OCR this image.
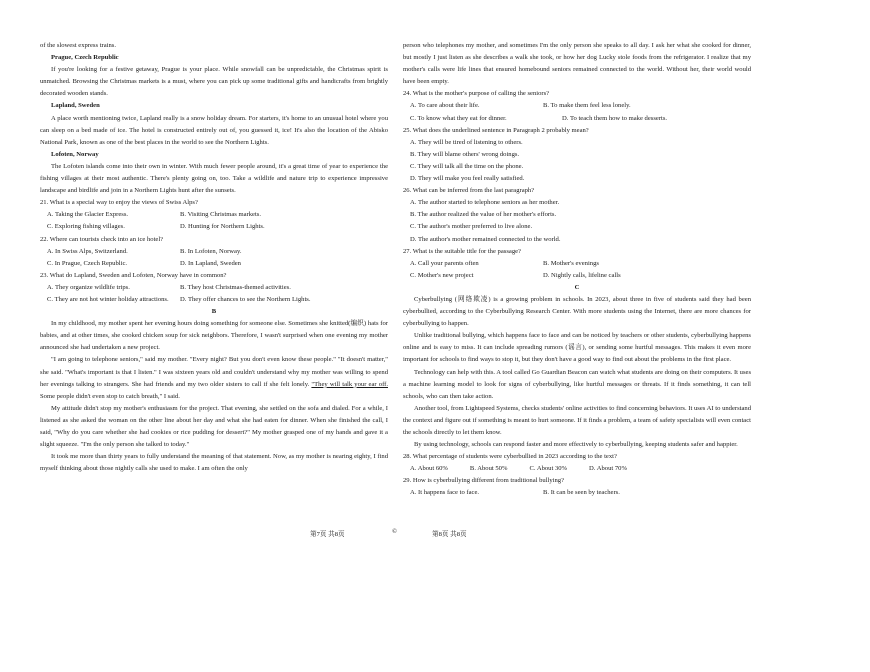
of the slowest express trains.

Prague, Czech Republic

If you're looking for a festive getaway, Prague is your place. While snowfall can be unpredictable, the Christmas spirit is unmatched. Browsing the Christmas markets is a must, where you can pick up some traditional gifts and handicrafts from brightly decorated wooden stands.

Lapland, Sweden

A place worth mentioning twice, Lapland really is a snow holiday dream. For starters, it's home to an unusual hotel where you can sleep on a bed made of ice. The hotel is constructed entirely out of, you guessed it, ice! It's also the location of the Abisko National Park, known as one of the best places in the world to see the Northern Lights.

Lofoten, Norway

The Lofoten islands come into their own in winter. With much fewer people around, it's a great time of year to experience the fishing villages at their most authentic. There's plenty going on, too. Take a wildlife and nature trip to experience impressive landscape and birdlife and join in a Northern Lights hunt after the sunsets.

21. What is a special way to enjoy the views of Swiss Alps?

A. Taking the Glacier Express.	B. Visiting Christmas markets.
C. Exploring fishing villages.	D. Hunting for Northern Lights.

22. Where can tourists check into an ice hotel?

A. In Swiss Alps, Switzerland.	B. In Lofoten, Norway.
C. In Prague, Czech Republic.	D. In Lapland, Sweden

23. What do Lapland, Sweden and Lofoten, Norway have in common?

A. They organize wildlife trips.	B. They host Christmas-themed activities.
C. They are not hot winter holiday attractions.	D. They offer chances to see the Northern Lights.

B

In my childhood, my mother spent her evening hours doing something for someone else. Sometimes she knitted(编织) hats for babies, and at other times, she cooked chicken soup for sick neighbors. Therefore, I wasn't surprised when one evening my mother announced she had undertaken a new project.

"I am going to telephone seniors," said my mother. "Every night? But you don't even know these people." "It doesn't matter," she said. "What's important is that I listen." I was sixteen years old and couldn't understand why my mother was willing to spend her evenings talking to strangers. She had friends and my two older sisters to call if she felt lonely. "They will talk your ear off. Some people didn't even stop to catch breath," I said.

My attitude didn't stop my mother's enthusiasm for the project. That evening, she settled on the sofa and dialed. For a while, I listened as she asked the woman on the other line about her day and what she had eaten for dinner. When she finished the call, I said, "Why do you care whether she had cookies or rice pudding for dessert?" My mother grasped one of my hands and gave it a slight squeeze. "I'm the only person she talked to today."

It took me more than thirty years to fully understand the meaning of that statement. Now, as my mother is nearing eighty, I find myself thinking about those nightly calls she used to make. I am often the only

person who telephones my mother, and sometimes I'm the only person she speaks to all day. I ask her what she cooked for dinner, but mostly I just listen as she describes a walk she took, or how her dog Lucky stole foods from the refrigerator. I realize that my mother's calls were life lines that ensured homebound seniors remained connected to the world. Without her, their world would have been empty.

24. What is the mother's purpose of calling the seniors?

A. To care about their life.	B. To make them feel less lonely.
C. To know what they eat for dinner.	D. To teach them how to make desserts.

25. What does the underlined sentence in Paragraph 2 probably mean?

A. They will be tired of listening to others.

B. They will blame others' wrong doings.

C. They will talk all the time on the phone.

D. They will make you feel really satisfied.

26. What can be inferred from the last paragraph?

A. The author started to telephone seniors as her mother.

B. The author realized the value of her mother's efforts.

C. The author's mother preferred to live alone.

D. The author's mother remained connected to the world.

27. What is the suitable title for the passage?

A. Call your parents often	B. Mother's evenings
C. Mother's new project	D. Nightly calls, lifeline calls

C

Cyberbullying (网络欺凌) is a growing problem in schools. In 2023, about three in five of students said they had been cyberbullied, according to the Cyberbullying Research Center. With more students using the Internet, there are more chances for cyberbullying to happen.

Unlike traditional bullying, which happens face to face and can be noticed by teachers or other students, cyberbullying happens online and is easy to miss. It can include spreading rumors (谣言), or sending some hurtful messages. This makes it even more important for schools to find ways to stop it, but they don't have a good way to find out about the problems in the first place.

Technology can help with this. A tool called Go Guardian Beacon can watch what students are doing on their computers. It uses a machine learning model to look for signs of cyberbullying, like hurtful messages or threats. If it finds something, it can tell schools, who can then take action.

Another tool, from Lightspeed Systems, checks students' online activities to find concerning behaviors. It uses AI to understand the context and figure out if something is meant to hurt someone. If it finds a problem, a team of safety specialists will even contact the schools directly to let them know.

By using technology, schools can respond faster and more effectively to cyberbullying, keeping students safer and happier.

28. What percentage of students were cyberbullied in 2023 according to the text?

A. About 60%	B. About 50%	C. About 30%	D. About 70%

29. How is cyberbullying different from traditional bullying?

A. It happens face to face.	B. It can be seen by teachers.
第7页 共8页	©	第8页 共8页
